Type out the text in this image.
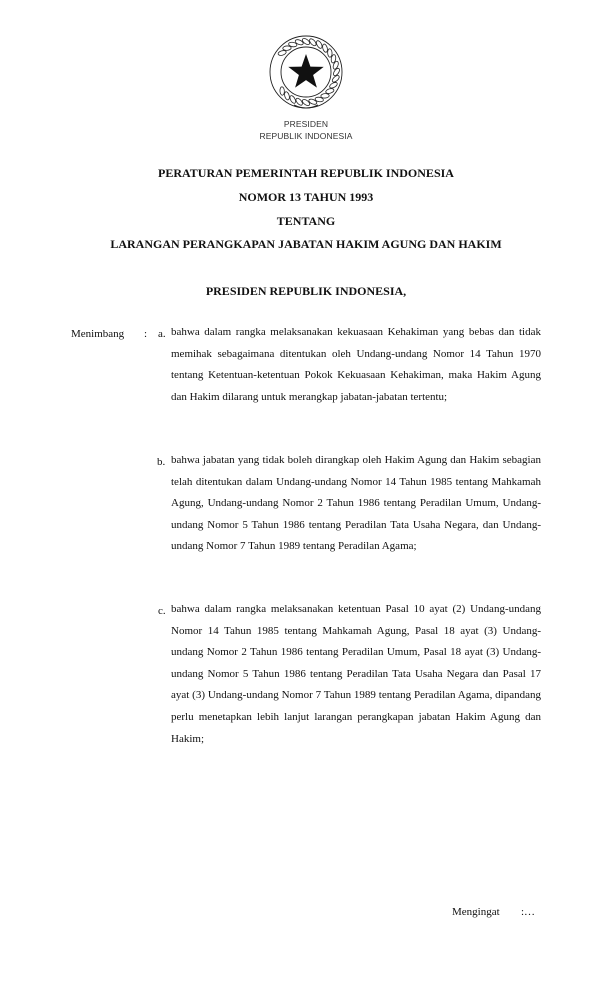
PRESIDEN
REPUBLIK INDONESIA
PERATURAN PEMERINTAH REPUBLIK INDONESIA
NOMOR 13 TAHUN 1993
TENTANG
LARANGAN PERANGKAPAN JABATAN HAKIM AGUNG DAN HAKIM
PRESIDEN REPUBLIK INDONESIA,
Menimbang : a. bahwa dalam rangka melaksanakan kekuasaan Kehakiman yang bebas dan tidak memihak sebagaimana ditentukan oleh Undang-undang Nomor 14 Tahun 1970 tentang Ketentuan-ketentuan Pokok Kekuasaan Kehakiman, maka Hakim Agung dan Hakim dilarang untuk merangkap jabatan-jabatan tertentu;

b. bahwa jabatan yang tidak boleh dirangkap oleh Hakim Agung dan Hakim sebagian telah ditentukan dalam Undang-undang Nomor 14 Tahun 1985 tentang Mahkamah Agung, Undang-undang Nomor 2 Tahun 1986 tentang Peradilan Umum, Undang-undang Nomor 5 Tahun 1986 tentang Peradilan Tata Usaha Negara, dan Undang-undang Nomor 7 Tahun 1989 tentang Peradilan Agama;

c. bahwa dalam rangka melaksanakan ketentuan Pasal 10 ayat (2) Undang-undang Nomor 14 Tahun 1985 tentang Mahkamah Agung, Pasal 18 ayat (3) Undang-undang Nomor 2 Tahun 1986 tentang Peradilan Umum, Pasal 18 ayat (3) Undang-undang Nomor 5 Tahun 1986 tentang Peradilan Tata Usaha Negara dan Pasal 17 ayat (3) Undang-undang Nomor 7 Tahun 1989 tentang Peradilan Agama, dipandang perlu menetapkan lebih lanjut larangan perangkapan jabatan Hakim Agung dan Hakim;

Mengingat :…
